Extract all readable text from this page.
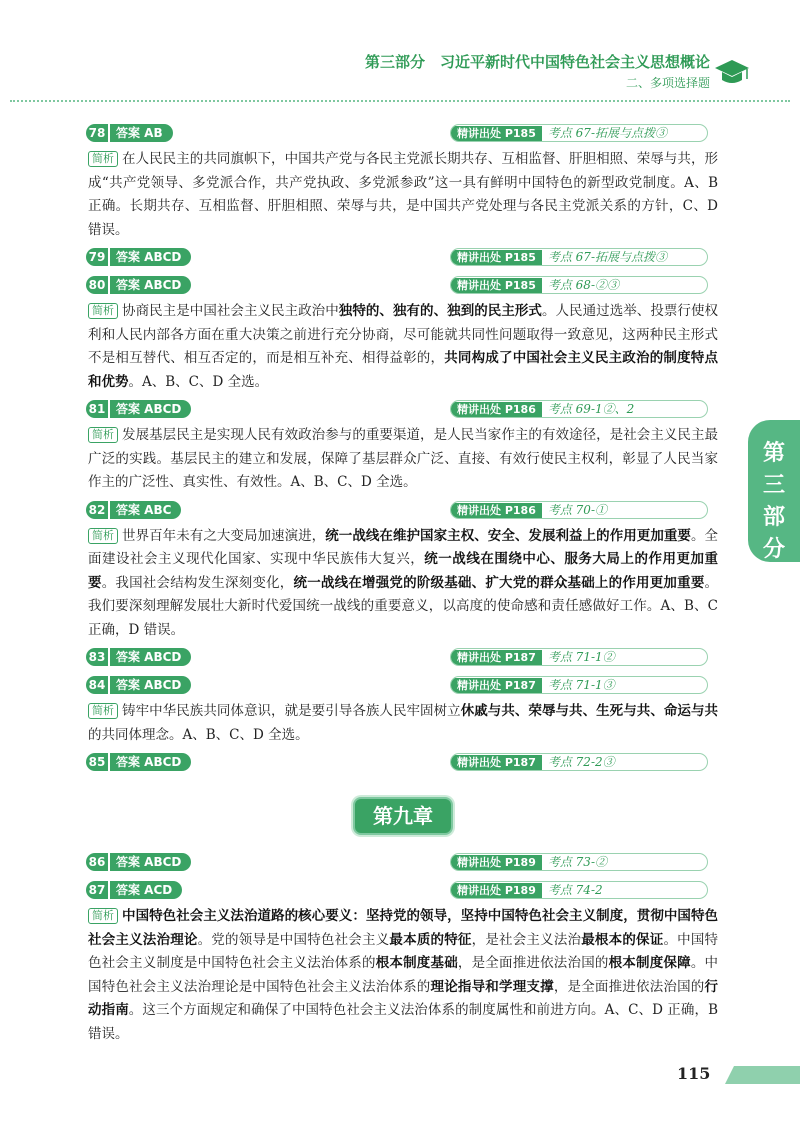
第三部分　习近平新时代中国特色社会主义思想概论
二、多项选择题
第三部分
78 答案 AB	精讲出处 P185 考点 67-拓展与点拨③

简析 在人民民主的共同旗帜下，中国共产党与各民主党派长期共存、互相监督、肝胆相照、荣辱与共，形成“共产党领导、多党派合作，共产党执政、多党派参政”这一具有鲜明中国特色的新型政党制度。A、B 正确。长期共存、互相监督、肝胆相照、荣辱与共，是中国共产党处理与各民主党派关系的方针，C、D 错误。

79 答案 ABCD	精讲出处 P185 考点 67-拓展与点拨③
80 答案 ABCD	精讲出处 P185 考点 68-②③

简析 协商民主是中国社会主义民主政治中独特的、独有的、独到的民主形式。人民通过选举、投票行使权利和人民内部各方面在重大决策之前进行充分协商，尽可能就共同性问题取得一致意见，这两种民主形式不是相互替代、相互否定的，而是相互补充、相得益彰的，共同构成了中国社会主义民主政治的制度特点和优势。A、B、C、D 全选。

81 答案 ABCD	精讲出处 P186 考点 69-1②、2

简析 发展基层民主是实现人民有效政治参与的重要渠道，是人民当家作主的有效途径，是社会主义民主最广泛的实践。基层民主的建立和发展，保障了基层群众广泛、直接、有效行使民主权利，彰显了人民当家作主的广泛性、真实性、有效性。A、B、C、D 全选。

82 答案 ABC	精讲出处 P186 考点 70-①

简析 世界百年未有之大变局加速演进，统一战线在维护国家主权、安全、发展利益上的作用更加重要。全面建设社会主义现代化国家、实现中华民族伟大复兴，统一战线在围绕中心、服务大局上的作用更加重要。我国社会结构发生深刻变化，统一战线在增强党的阶级基础、扩大党的群众基础上的作用更加重要。我们要深刻理解发展壮大新时代爱国统一战线的重要意义，以高度的使命感和责任感做好工作。A、B、C 正确，D 错误。

83 答案 ABCD	精讲出处 P187 考点 71-1②
84 答案 ABCD	精讲出处 P187 考点 71-1③

简析 铸牢中华民族共同体意识，就是要引导各族人民牢固树立休戚与共、荣辱与共、生死与共、命运与共的共同体理念。A、B、C、D 全选。

85 答案 ABCD	精讲出处 P187 考点 72-2③
第九章
86 答案 ABCD	精讲出处 P189 考点 73-②
87 答案 ACD	精讲出处 P189 考点 74-2

简析 中国特色社会主义法治道路的核心要义：坚持党的领导，坚持中国特色社会主义制度，贯彻中国特色社会主义法治理论。党的领导是中国特色社会主义最本质的特征，是社会主义法治最根本的保证。中国特色社会主义制度是中国特色社会主义法治体系的根本制度基础，是全面推进依法治国的根本制度保障。中国特色社会主义法治理论是中国特色社会主义法治体系的理论指导和学理支撑，是全面推进依法治国的行动指南。这三个方面规定和确保了中国特色社会主义法治体系的制度属性和前进方向。A、C、D 正确，B 错误。

115
